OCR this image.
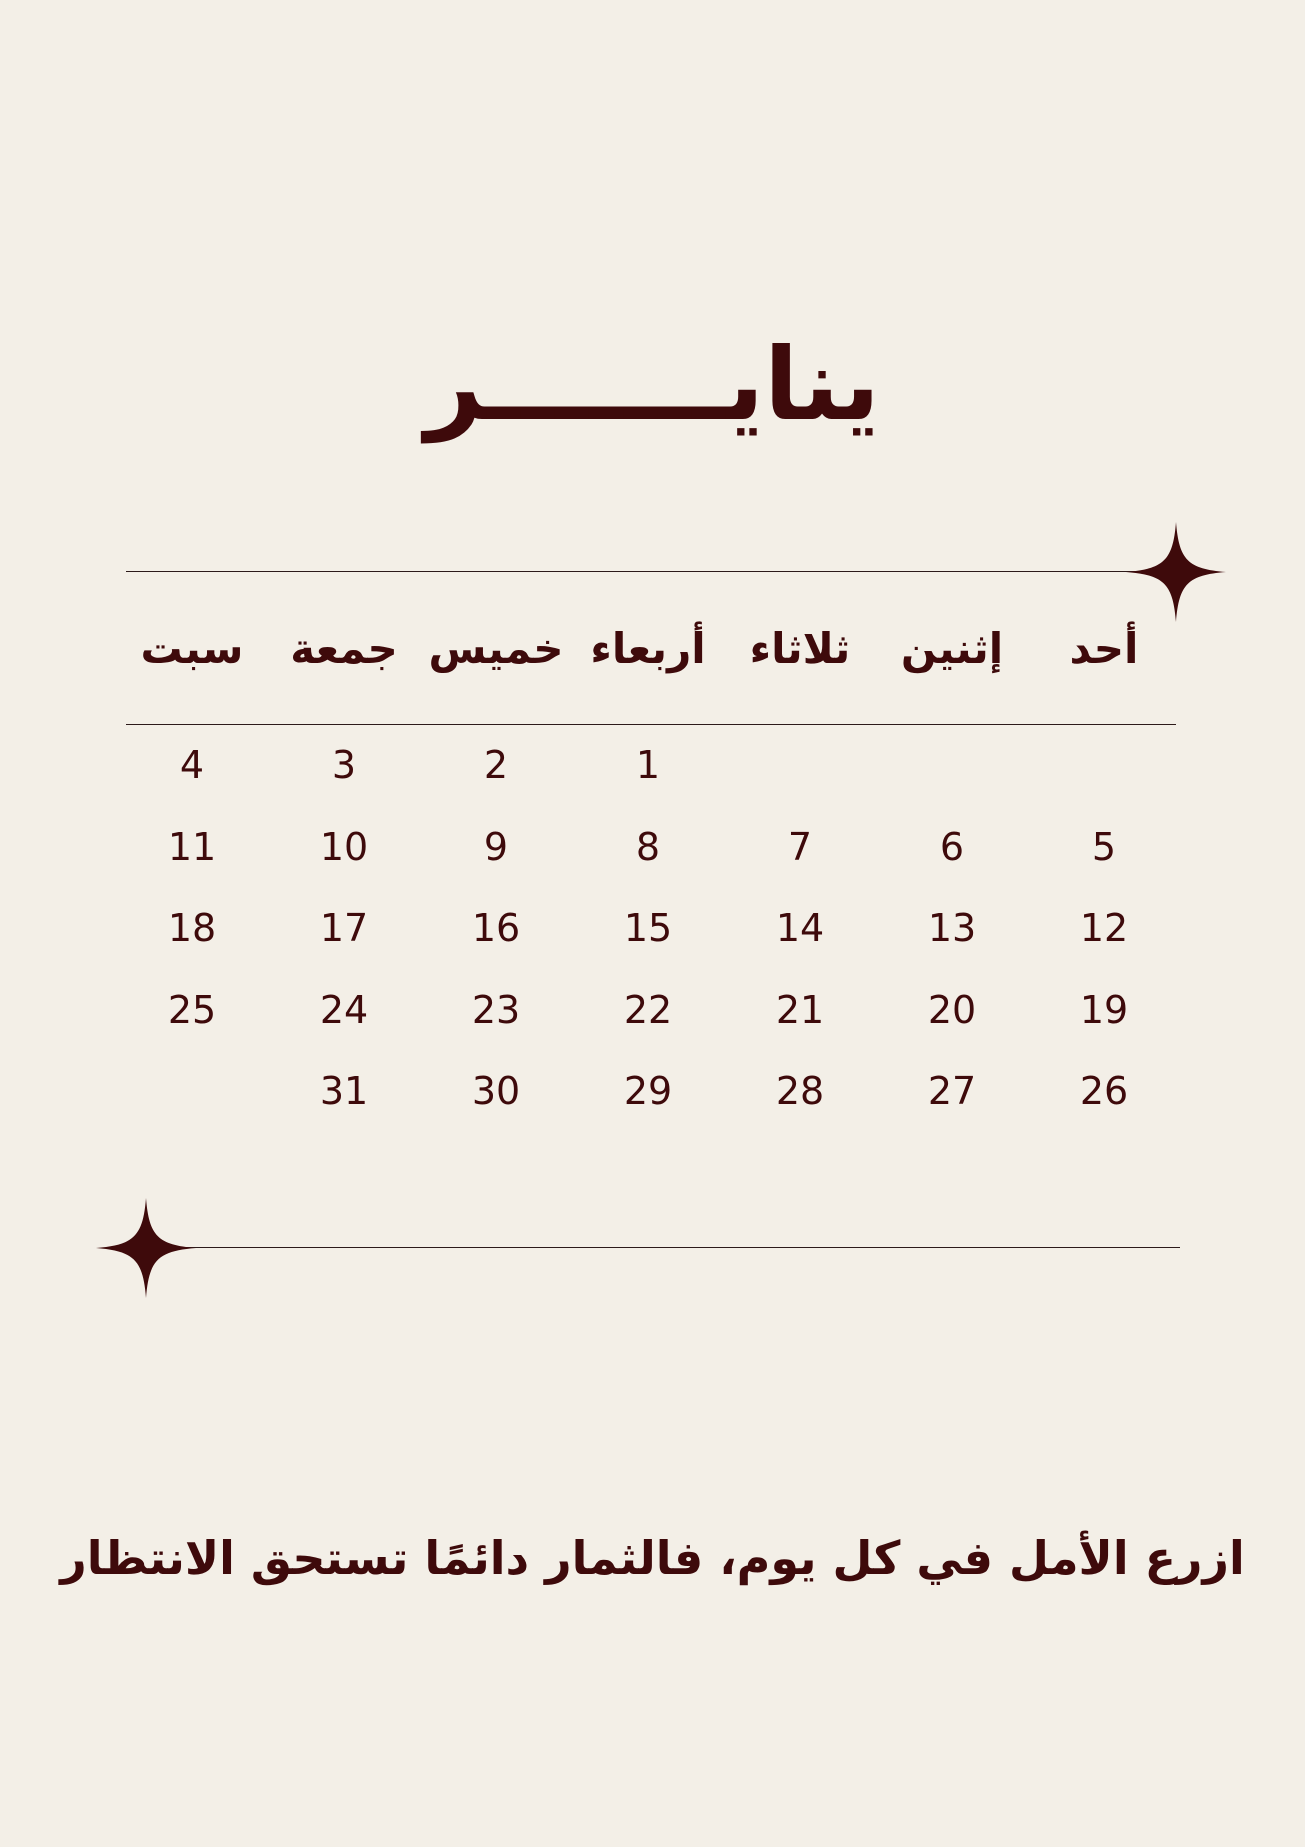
ينايـــــــر
أحد
إثنين
ثلاثاء
أربعاء
خميس
جمعة
سبت
1
2
3
4
5
6
7
8
9
10
11
12
13
14
15
16
17
18
19
20
21
22
23
24
25
26
27
28
29
30
31
ازرع الأمل في كل يوم، فالثمار دائمًا تستحق الانتظار
